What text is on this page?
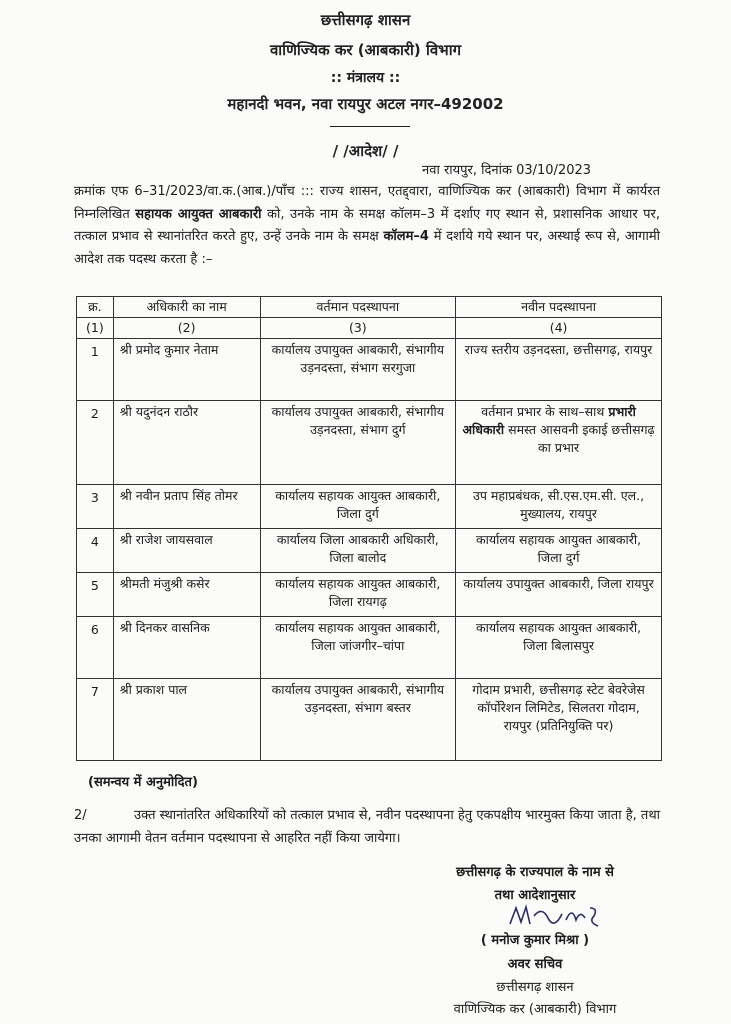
छत्तीसगढ़ शासन
वाणिज्यिक कर (आबकारी) विभाग
:: मंत्रालय ::
महानदी भवन, नवा रायपुर अटल नगर–492002
/ /आदेश/ /
नवा रायपुर, दिनांक 03/10/2023
क्रमांक एफ 6–31/2023/वा.क.(आब.)/पाँच ::: राज्य शासन, एतद्द्वारा, वाणिज्यिक कर (आबकारी) विभाग में कार्यरत निम्नलिखित सहायक आयुक्त आबकारी को, उनके नाम के समक्ष कॉलम–3 में दर्शाए गए स्थान से, प्रशासनिक आधार पर, तत्काल प्रभाव से स्थानांतरित करते हुए, उन्हें उनके नाम के समक्ष कॉलम–4 में दर्शाये गये स्थान पर, अस्थाई रूप से, आगामी आदेश तक पदस्थ करता है :–
क्र.	अधिकारी का नाम	वर्तमान पदस्थापना	नवीन पदस्थापना
(1)	(2)	(3)	(4)
1	श्री प्रमोद कुमार नेताम	कार्यालय उपायुक्त आबकारी, संभागीय उड़नदस्ता, संभाग सरगुजा	राज्य स्तरीय उड़नदस्ता, छत्तीसगढ़, रायपुर
2	श्री यदुनंदन राठौर	कार्यालय उपायुक्त आबकारी, संभागीय उड़नदस्ता, संभाग दुर्ग	वर्तमान प्रभार के साथ–साथ प्रभारी अधिकारी समस्त आसवनी इकाई छत्तीसगढ़ का प्रभार
3	श्री नवीन प्रताप सिंह तोमर	कार्यालय सहायक आयुक्त आबकारी, जिला दुर्ग	उप महाप्रबंधक, सी.एस.एम.सी. एल., मुख्यालय, रायपुर
4	श्री राजेश जायसवाल	कार्यालय जिला आबकारी अधिकारी, जिला बालोद	कार्यालय सहायक आयुक्त आबकारी, जिला दुर्ग
5	श्रीमती मंजुश्री कसेर	कार्यालय सहायक आयुक्त आबकारी, जिला रायगढ़	कार्यालय उपायुक्त आबकारी, जिला रायपुर
6	श्री दिनकर वासनिक	कार्यालय सहायक आयुक्त आबकारी, जिला जांजगीर–चांपा	कार्यालय सहायक आयुक्त आबकारी, जिला बिलासपुर
7	श्री प्रकाश पाल	कार्यालय उपायुक्त आबकारी, संभागीय उड़नदस्ता, संभाग बस्तर	गोदाम प्रभारी, छत्तीसगढ़ स्टेट बेवरेजेस कॉर्पोरेशन लिमिटेड, सिलतरा गोदाम, रायपुर (प्रतिनियुक्ति पर)
(समन्वय में अनुमोदित)
2/	उक्त स्थानांतरित अधिकारियों को तत्काल प्रभाव से, नवीन पदस्थापना हेतु एकपक्षीय भारमुक्त किया जाता है, तथा उनका आगामी वेतन वर्तमान पदस्थापना से आहरित नहीं किया जायेगा।
छत्तीसगढ़ के राज्यपाल के नाम से
तथा आदेशानुसार
( मनोज कुमार मिश्रा )
अवर सचिव
छत्तीसगढ़ शासन
वाणिज्यिक कर (आबकारी) विभाग
